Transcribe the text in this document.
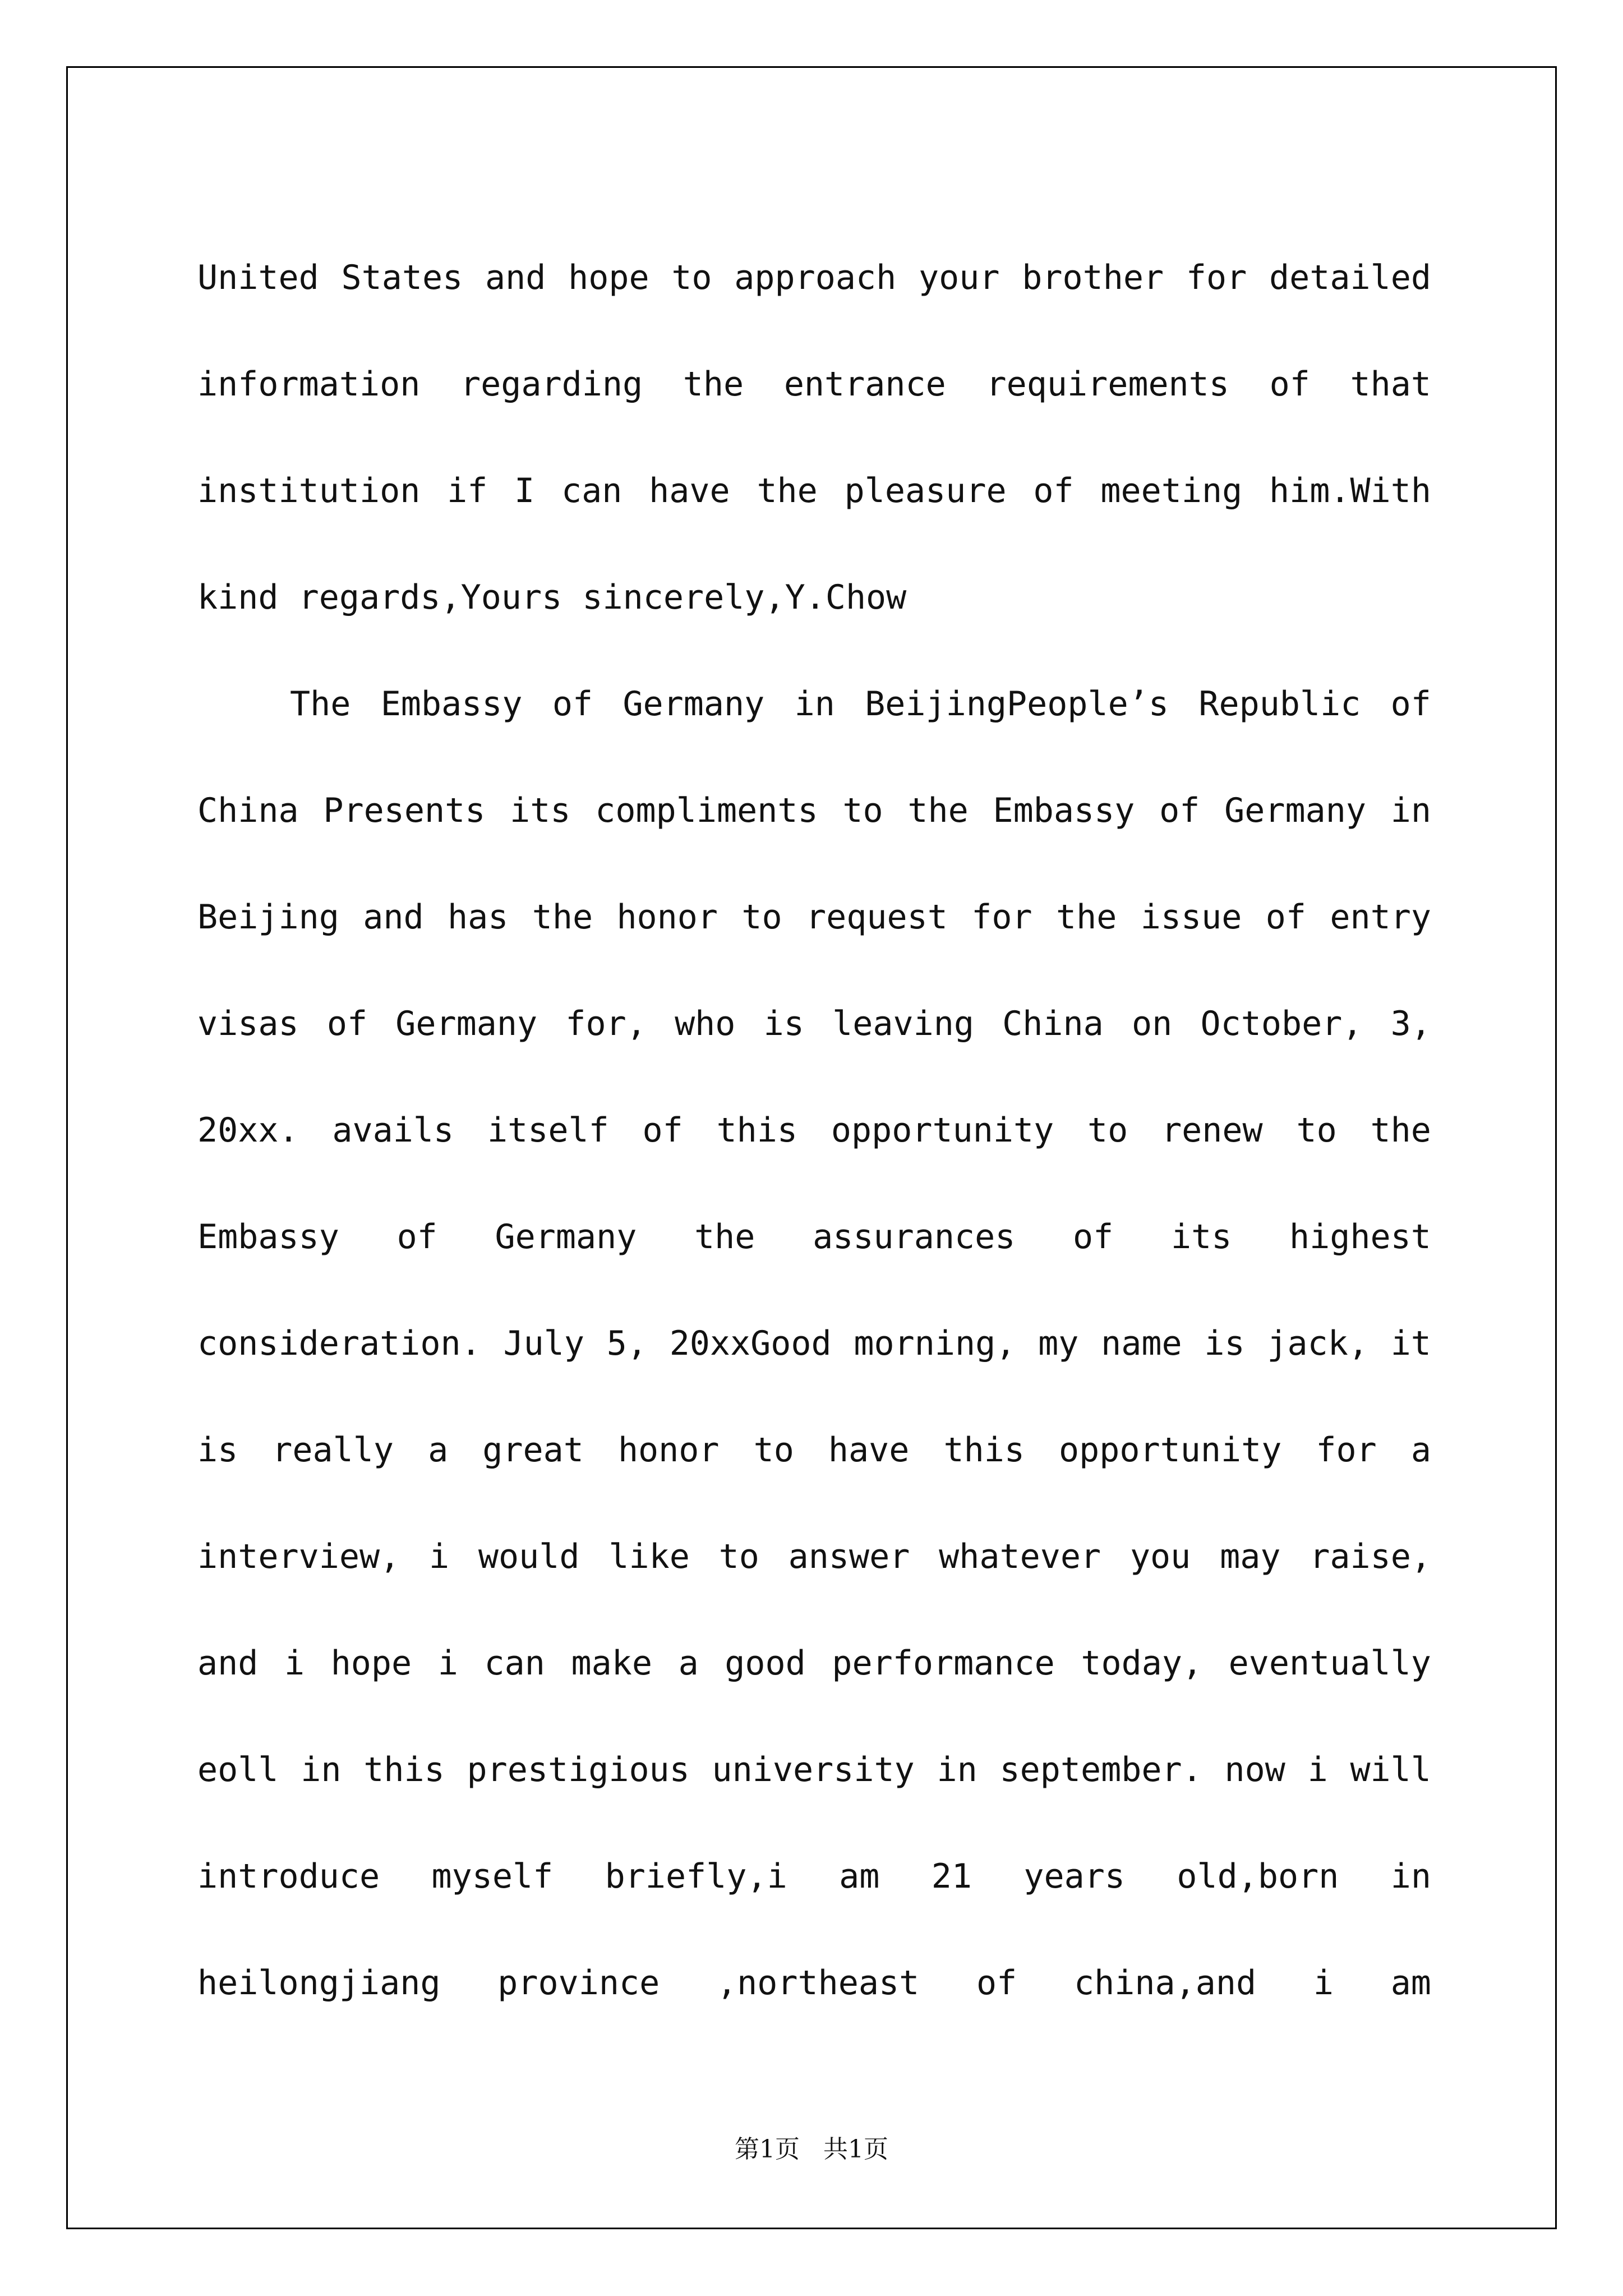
United States and hope to approach your brother for detailed
information regarding the entrance requirements of that
institution if I can have the pleasure of meeting him.With
kind regards,Yours sincerely,Y.Chow
The Embassy of Germany in BeijingPeople’s Republic of
China Presents its compliments to the Embassy of Germany in
Beijing and has the honor to request for the issue of entry
visas of Germany for, who is leaving China on October, 3,
20xx. avails itself of this opportunity to renew to the
Embassy of Germany the assurances of its highest
consideration. July 5, 20xxGood morning, my name is jack, it
is really a great honor to have this opportunity for a
interview, i would like to answer whatever you may raise,
and i hope i can make a good performance today, eventually
eoll in this prestigious university in september. now i will
introduce myself briefly,i am 21 years old,born in
heilongjiang province ,northeast of china,and i am
第1页   共1页
